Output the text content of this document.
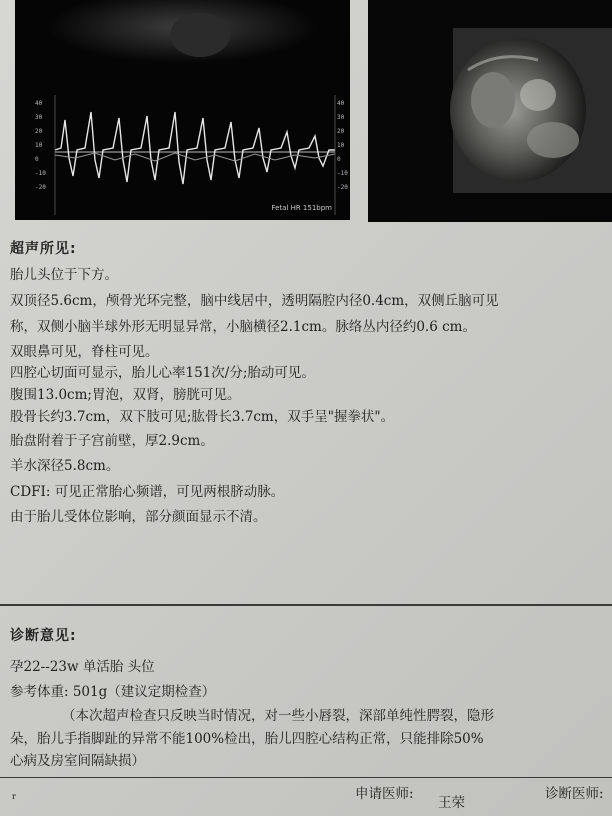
40
30
20
10
0
-10
-20
40
30
20
10
0
-10
-20
Fetal HR 151bpm
超声所见:
胎儿头位于下方。
双顶径5.6cm，颅骨光环完整，脑中线居中，透明隔腔内径0.4cm，双侧丘脑可见
称，双侧小脑半球外形无明显异常，小脑横径2.1cm。脉络丛内径约0.6 cm。
双眼鼻可见，脊柱可见。
四腔心切面可显示，胎儿心率151次/分;胎动可见。
腹围13.0cm;胃泡，双肾，膀胱可见。
股骨长约3.7cm，双下肢可见;肱骨长3.7cm，双手呈"握拳状"。
胎盘附着于子宫前壁，厚2.9cm。
羊水深径5.8cm。
CDFI: 可见正常胎心频谱，可见两根脐动脉。
由于胎儿受体位影响，部分颜面显示不清。
诊断意见:
孕22--23w 单活胎 头位
参考体重: 501g（建议定期检查）
（本次超声检查只反映当时情况，对一些小唇裂，深部单纯性腭裂，隐形
朵，胎儿手指脚趾的异常不能100%检出，胎儿四腔心结构正常，只能排除50%
心病及房室间隔缺损）
r	申请医师:
王荣
诊断医师:
